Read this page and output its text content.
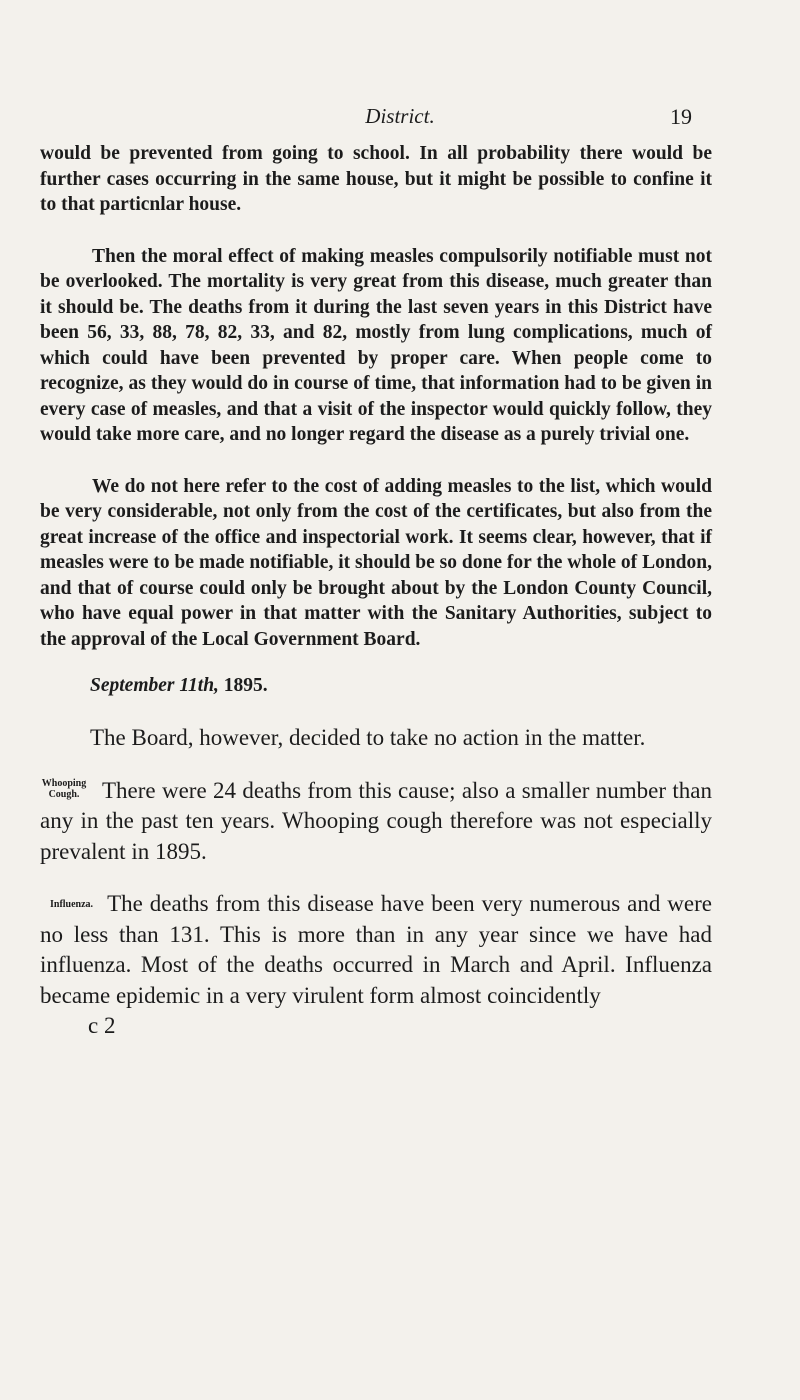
District.	19

would be prevented from going to school. In all probability there would be further cases occurring in the same house, but it might be possible to confine it to that particnlar house.

Then the moral effect of making measles compulsorily notifiable must not be overlooked. The mortality is very great from this disease, much greater than it should be. The deaths from it during the last seven years in this District have been 56, 33, 88, 78, 82, 33, and 82, mostly from lung complications, much of which could have been prevented by proper care. When people come to recognize, as they would do in course of time, that information had to be given in every case of measles, and that a visit of the inspector would quickly follow, they would take more care, and no longer regard the disease as a purely trivial one.

We do not here refer to the cost of adding measles to the list, which would be very considerable, not only from the cost of the certificates, but also from the great increase of the office and inspectorial work. It seems clear, however, that if measles were to be made notifiable, it should be so done for the whole of London, and that of course could only be brought about by the London County Council, who have equal power in that matter with the Sanitary Authorities, subject to the approval of the Local Government Board.

September 11th, 1895.

The Board, however, decided to take no action in the matter.

Whooping
Cough. There were 24 deaths from this cause; also a smaller number than any in the past ten years. Whooping cough therefore was not especially prevalent in 1895.

Influenza. The deaths from this disease have been very numerous and were no less than 131. This is more than in any year since we have had influenza. Most of the deaths occurred in March and April. Influenza became epidemic in a very virulent form almost coincidently

c 2
